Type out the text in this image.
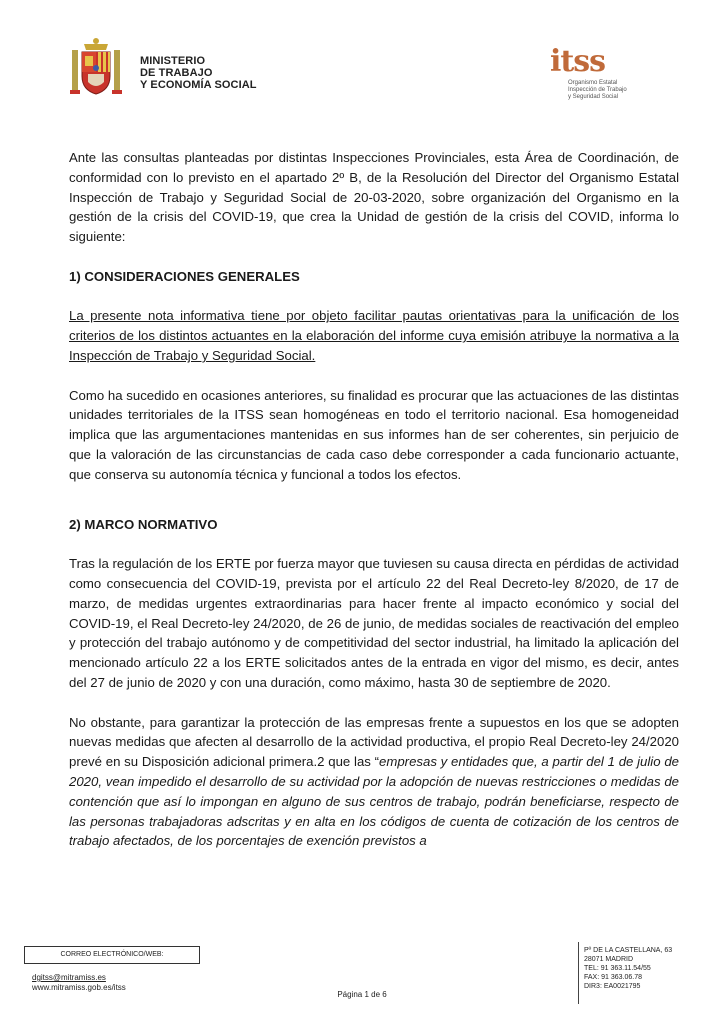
MINISTERIO
DE TRABAJO
Y ECONOMÍA SOCIAL
itss
Organismo Estatal
Inspección de Trabajo
y Seguridad Social

Ante las consultas planteadas por distintas Inspecciones Provinciales, esta Área de Coordinación, de conformidad con lo previsto en el apartado 2º B, de la Resolución del Director del Organismo Estatal Inspección de Trabajo y Seguridad Social de 20-03-2020, sobre organización del Organismo en la gestión de la crisis del COVID-19, que crea la Unidad de gestión de la crisis del COVID, informa lo siguiente:

1) CONSIDERACIONES GENERALES

La presente nota informativa tiene por objeto facilitar pautas orientativas para la unificación de los criterios de los distintos actuantes en la elaboración del informe cuya emisión atribuye la normativa a la Inspección de Trabajo y Seguridad Social.

Como ha sucedido en ocasiones anteriores, su finalidad es procurar que las actuaciones de las distintas unidades territoriales de la ITSS sean homogéneas en todo el territorio nacional. Esa homogeneidad implica que las argumentaciones mantenidas en sus informes han de ser coherentes, sin perjuicio de que la valoración de las circunstancias de cada caso debe corresponder a cada funcionario actuante, que conserva su autonomía técnica y funcional a todos los efectos.

2) MARCO NORMATIVO

Tras la regulación de los ERTE por fuerza mayor que tuviesen su causa directa en pérdidas de actividad como consecuencia del COVID-19, prevista por el artículo 22 del Real Decreto-ley 8/2020, de 17 de marzo, de medidas urgentes extraordinarias para hacer frente al impacto económico y social del COVID-19, el Real Decreto-ley 24/2020, de 26 de junio, de medidas sociales de reactivación del empleo y protección del trabajo autónomo y de competitividad del sector industrial, ha limitado la aplicación del mencionado artículo 22 a los ERTE solicitados antes de la entrada en vigor del mismo, es decir, antes del 27 de junio de 2020 y con una duración, como máximo, hasta 30 de septiembre de 2020.

No obstante, para garantizar la protección de las empresas frente a supuestos en los que se adopten nuevas medidas que afecten al desarrollo de la actividad productiva, el propio Real Decreto-ley 24/2020 prevé en su Disposición adicional primera.2 que las “empresas y entidades que, a partir del 1 de julio de 2020, vean impedido el desarrollo de su actividad por la adopción de nuevas restricciones o medidas de contención que así lo impongan en alguno de sus centros de trabajo, podrán beneficiarse, respecto de las personas trabajadoras adscritas y en alta en los códigos de cuenta de cotización de los centros de trabajo afectados, de los porcentajes de exención previstos a

CORREO ELECTRÓNICO/WEB:
dgitss@mitramiss.es
www.mitramiss.gob.es/itss
Página 1 de 6
Pº DE LA CASTELLANA, 63
28071 MADRID
TEL: 91 363.11.54/55
FAX: 91 363.06.78
DIR3: EA0021795
